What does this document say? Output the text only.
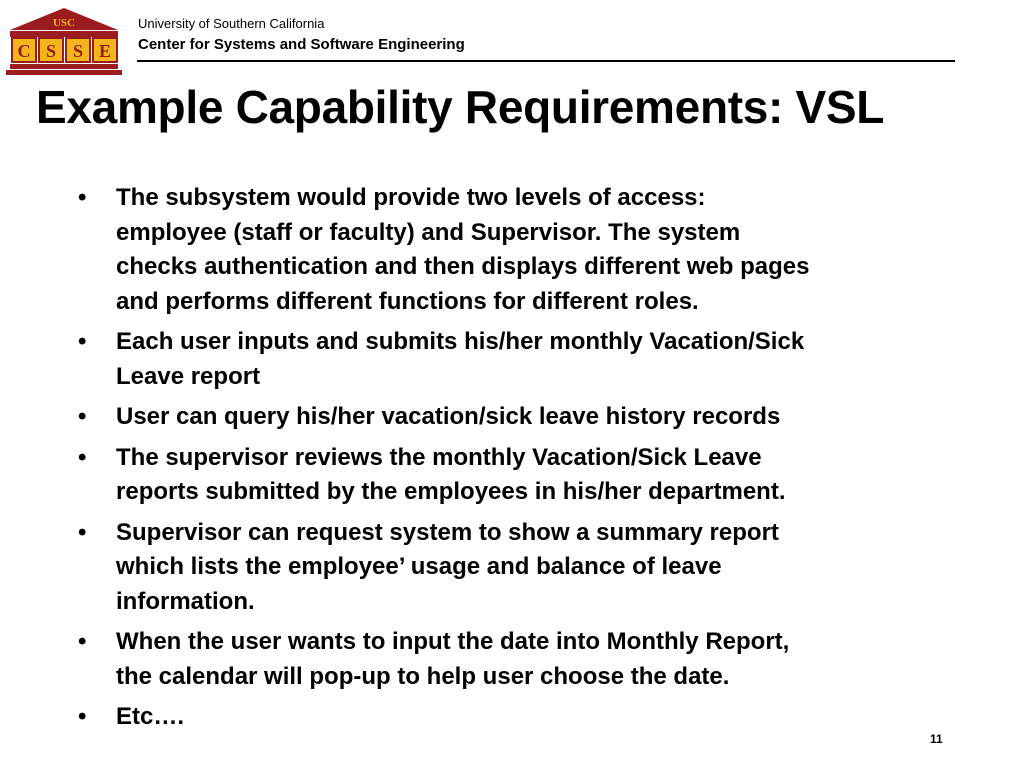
USC
C S S E
University of Southern California
Center for Systems and Software Engineering
Example Capability Requirements: VSL
• The subsystem would provide two levels of access:
employee (staff or faculty) and Supervisor. The system
checks authentication and then displays different web pages
and performs different functions for different roles.
• Each user inputs and submits his/her monthly Vacation/Sick
Leave report
• User can query his/her vacation/sick leave history records
• The supervisor reviews the monthly Vacation/Sick Leave
reports submitted by the employees in his/her department.
• Supervisor can request system to show a summary report
which lists the employee’ usage and balance of leave
information.
• When the user wants to input the date into Monthly Report,
the calendar will pop-up to help user choose the date.
• Etc….
11
